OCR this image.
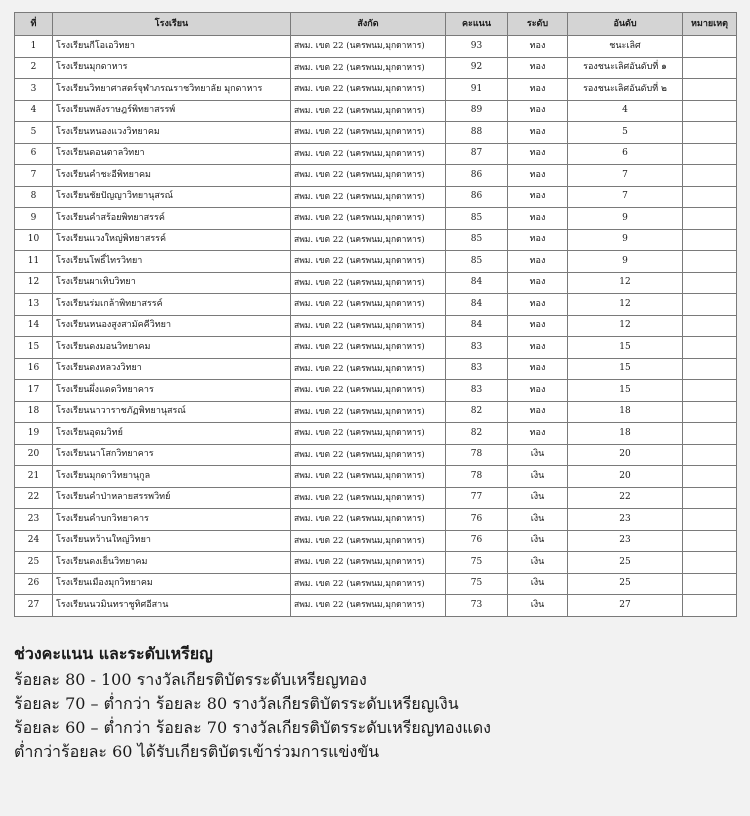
ที่	โรงเรียน	สังกัด	คะแนน	ระดับ	อันดับ	หมายเหตุ
1	โรงเรียนกีโอเอวิทยา	สพม. เขต 22 (นครพนม,มุกดาหาร)	93	ทอง	ชนะเลิศ	
2	โรงเรียนมุกดาหาร	สพม. เขต 22 (นครพนม,มุกดาหาร)	92	ทอง	รองชนะเลิศอันดับที่ ๑	
3	โรงเรียนวิทยาศาสตร์จุฬาภรณราชวิทยาลัย มุกดาหาร	สพม. เขต 22 (นครพนม,มุกดาหาร)	91	ทอง	รองชนะเลิศอันดับที่ ๒	
4	โรงเรียนพลังราษฎร์พิทยาสรรพ์	สพม. เขต 22 (นครพนม,มุกดาหาร)	89	ทอง	4	
5	โรงเรียนหนองแวงวิทยาคม	สพม. เขต 22 (นครพนม,มุกดาหาร)	88	ทอง	5	
6	โรงเรียนดอนตาลวิทยา	สพม. เขต 22 (นครพนม,มุกดาหาร)	87	ทอง	6	
7	โรงเรียนคำชะอีพิทยาคม	สพม. เขต 22 (นครพนม,มุกดาหาร)	86	ทอง	7	
8	โรงเรียนชัยปัญญาวิทยานุสรณ์	สพม. เขต 22 (นครพนม,มุกดาหาร)	86	ทอง	7	
9	โรงเรียนคำสร้อยพิทยาสรรค์	สพม. เขต 22 (นครพนม,มุกดาหาร)	85	ทอง	9	
10	โรงเรียนแวงใหญ่พิทยาสรรค์	สพม. เขต 22 (นครพนม,มุกดาหาร)	85	ทอง	9	
11	โรงเรียนโพธิ์ไทรวิทยา	สพม. เขต 22 (นครพนม,มุกดาหาร)	85	ทอง	9	
12	โรงเรียนผาเทิบวิทยา	สพม. เขต 22 (นครพนม,มุกดาหาร)	84	ทอง	12	
13	โรงเรียนร่มเกล้าพิทยาสรรค์	สพม. เขต 22 (นครพนม,มุกดาหาร)	84	ทอง	12	
14	โรงเรียนหนองสูงสามัคคีวิทยา	สพม. เขต 22 (นครพนม,มุกดาหาร)	84	ทอง	12	
15	โรงเรียนดงมอนวิทยาคม	สพม. เขต 22 (นครพนม,มุกดาหาร)	83	ทอง	15	
16	โรงเรียนดงหลวงวิทยา	สพม. เขต 22 (นครพนม,มุกดาหาร)	83	ทอง	15	
17	โรงเรียนผึ่งแดดวิทยาคาร	สพม. เขต 22 (นครพนม,มุกดาหาร)	83	ทอง	15	
18	โรงเรียนนาวาราชภัฏพิทยานุสรณ์	สพม. เขต 22 (นครพนม,มุกดาหาร)	82	ทอง	18	
19	โรงเรียนอุดมวิทย์	สพม. เขต 22 (นครพนม,มุกดาหาร)	82	ทอง	18	
20	โรงเรียนนาโสกวิทยาคาร	สพม. เขต 22 (นครพนม,มุกดาหาร)	78	เงิน	20	
21	โรงเรียนมุกดาวิทยานุกูล	สพม. เขต 22 (นครพนม,มุกดาหาร)	78	เงิน	20	
22	โรงเรียนคำป่าหลายสรรพวิทย์	สพม. เขต 22 (นครพนม,มุกดาหาร)	77	เงิน	22	
23	โรงเรียนคำบกวิทยาคาร	สพม. เขต 22 (นครพนม,มุกดาหาร)	76	เงิน	23	
24	โรงเรียนหว้านใหญ่วิทยา	สพม. เขต 22 (นครพนม,มุกดาหาร)	76	เงิน	23	
25	โรงเรียนดงเย็นวิทยาคม	สพม. เขต 22 (นครพนม,มุกดาหาร)	75	เงิน	25	
26	โรงเรียนเมืองมุกวิทยาคม	สพม. เขต 22 (นครพนม,มุกดาหาร)	75	เงิน	25	
27	โรงเรียนนวมินทราชูทิศอีสาน	สพม. เขต 22 (นครพนม,มุกดาหาร)	73	เงิน	27	
ช่วงคะแนน และระดับเหรียญ
ร้อยละ 80 - 100 รางวัลเกียรติบัตรระดับเหรียญทอง
ร้อยละ 70 – ต่ำกว่า ร้อยละ 80 รางวัลเกียรติบัตรระดับเหรียญเงิน
ร้อยละ 60 – ต่ำกว่า ร้อยละ 70 รางวัลเกียรติบัตรระดับเหรียญทองแดง
ต่ำกว่าร้อยละ 60 ได้รับเกียรติบัตรเข้าร่วมการแข่งขัน
